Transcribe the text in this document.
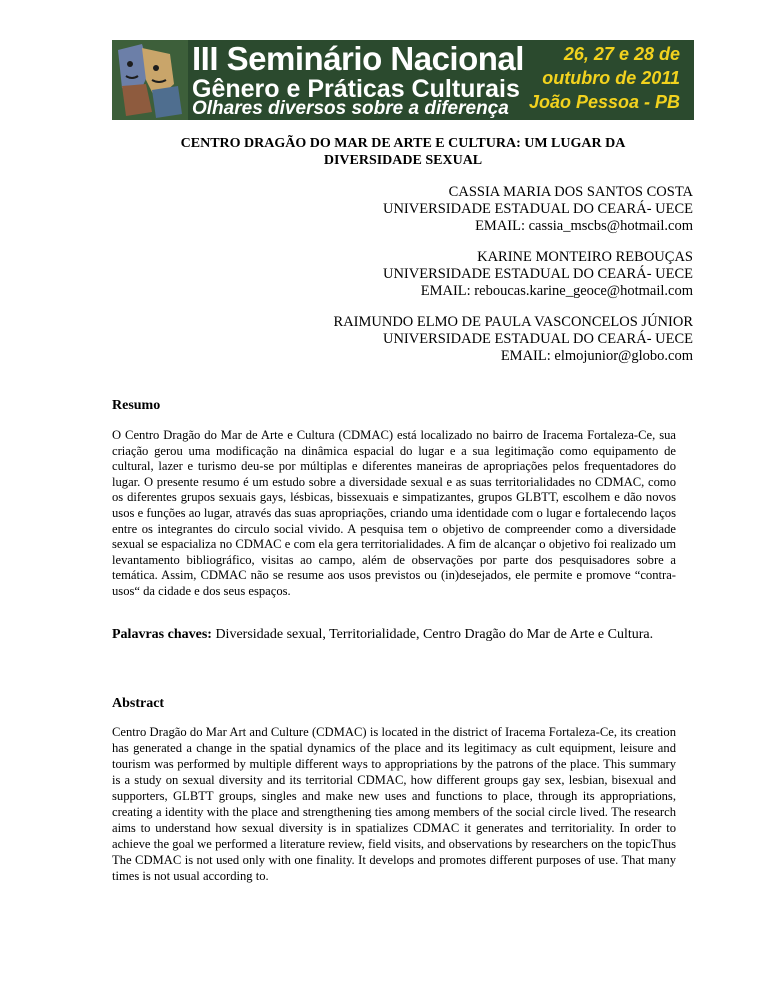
III Seminário Nacional
Gênero e Práticas Culturais
Olhares diversos sobre a diferença
26, 27 e 28 de
outubro de 2011
João Pessoa - PB
CENTRO DRAGÃO DO MAR DE ARTE E CULTURA: UM LUGAR DA
DIVERSIDADE SEXUAL
CASSIA MARIA DOS SANTOS COSTA
UNIVERSIDADE ESTADUAL DO CEARÁ- UECE
EMAIL: cassia_mscbs@hotmail.com
KARINE MONTEIRO REBOUÇAS
UNIVERSIDADE ESTADUAL DO CEARÁ- UECE
EMAIL: reboucas.karine_geoce@hotmail.com
RAIMUNDO ELMO DE PAULA VASCONCELOS JÚNIOR
UNIVERSIDADE ESTADUAL DO CEARÁ- UECE
EMAIL: elmojunior@globo.com
Resumo

O Centro Dragão do Mar de Arte e Cultura (CDMAC) está localizado no bairro de Iracema Fortaleza-Ce, sua criação gerou uma modificação na dinâmica espacial do lugar e a sua legitimação como equipamento de cultural, lazer e turismo deu-se por múltiplas e diferentes maneiras de apropriações pelos frequentadores do lugar. O presente resumo é um estudo sobre a diversidade sexual e as suas territorialidades no CDMAC, como os diferentes grupos sexuais gays, lésbicas, bissexuais e simpatizantes, grupos GLBTT, escolhem e dão novos usos e funções ao lugar, através das suas apropriações, criando uma identidade com o lugar e fortalecendo laços entre os integrantes do circulo social vivido. A pesquisa tem o objetivo de compreender como a diversidade sexual se espacializa no CDMAC e com ela gera territorialidades. A fim de alcançar o objetivo foi realizado um levantamento bibliográfico, visitas ao campo, além de observações por parte dos pesquisadores sobre a temática. Assim, CDMAC não se resume aos usos previstos ou (in)desejados, ele permite e promove “contra-usos“ da cidade e dos seus espaços.

Palavras chaves: Diversidade sexual, Territorialidade, Centro Dragão do Mar de Arte e Cultura.
Abstract

Centro Dragão do Mar Art and Culture (CDMAC) is located in the district of Iracema Fortaleza-Ce, its creation has generated a change in the spatial dynamics of the place and its legitimacy as cult equipment, leisure and tourism was performed by multiple different ways to appropriations by the patrons of the place. This summary is a study on sexual diversity and its territorial CDMAC, how different groups gay sex, lesbian, bisexual and supporters, GLBTT groups, singles and make new uses and functions to place, through its appropriations, creating a identity with the place and strengthening ties among members of the social circle lived. The research aims to understand how sexual diversity is in spatializes CDMAC it generates and territoriality. In order to achieve the goal we performed a literature review, field visits, and observations by researchers on the topicThus The CDMAC is not used only with one finality. It develops and promotes different purposes of use. That many times is not usual according to.
